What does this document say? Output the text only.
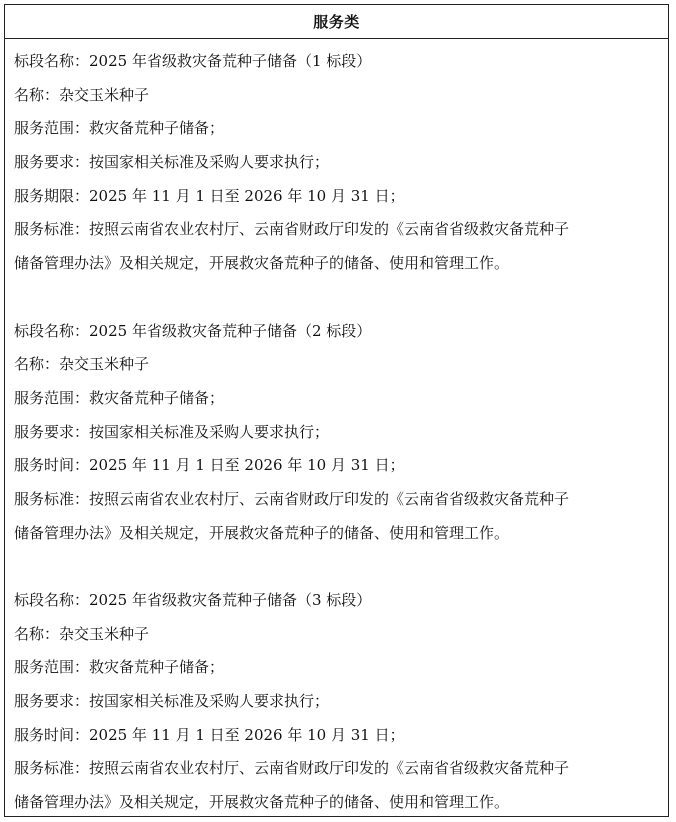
服务类
标段名称：2025 年省级救灾备荒种子储备（1 标段）
名称：杂交玉米种子
服务范围：救灾备荒种子储备；
服务要求：按国家相关标准及采购人要求执行；
服务期限：2025 年 11 月 1 日至 2026 年 10 月 31 日；
服务标准：按照云南省农业农村厅、云南省财政厅印发的《云南省省级救灾备荒种子
储备管理办法》及相关规定，开展救灾备荒种子的储备、使用和管理工作。
标段名称：2025 年省级救灾备荒种子储备（2 标段）
名称：杂交玉米种子
服务范围：救灾备荒种子储备；
服务要求：按国家相关标准及采购人要求执行；
服务时间：2025 年 11 月 1 日至 2026 年 10 月 31 日；
服务标准：按照云南省农业农村厅、云南省财政厅印发的《云南省省级救灾备荒种子
储备管理办法》及相关规定，开展救灾备荒种子的储备、使用和管理工作。
标段名称：2025 年省级救灾备荒种子储备（3 标段）
名称：杂交玉米种子
服务范围：救灾备荒种子储备；
服务要求：按国家相关标准及采购人要求执行；
服务时间：2025 年 11 月 1 日至 2026 年 10 月 31 日；
服务标准：按照云南省农业农村厅、云南省财政厅印发的《云南省省级救灾备荒种子
储备管理办法》及相关规定，开展救灾备荒种子的储备、使用和管理工作。
